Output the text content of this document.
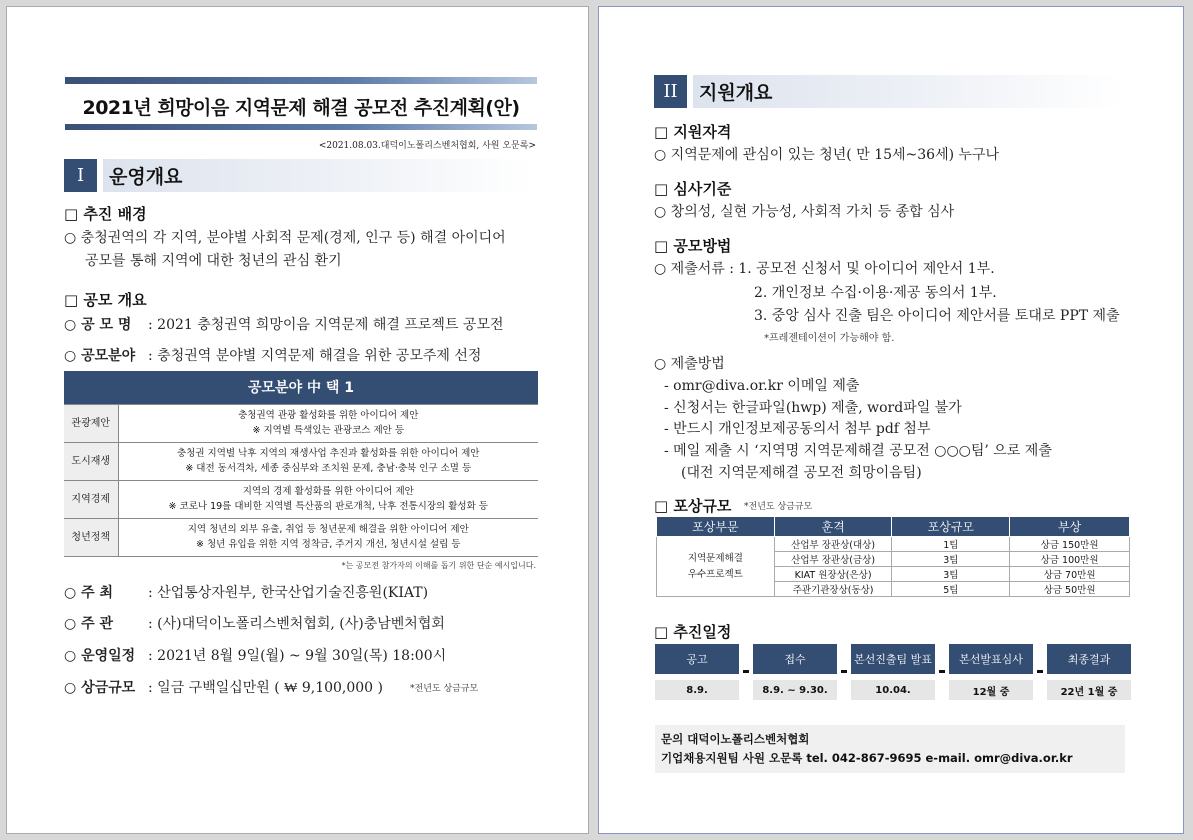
2021년 희망이음 지역문제 해결 공모전 추진계획(안)
<2021.08.03.대덕이노폴리스벤처협회, 사원 오문록>
I	운영개요
□ 추진 배경
○ 충청권역의 각 지역, 분야별 사회적 문제(경제, 인구 등) 해결 아이디어
공모를 통해 지역에 대한 청년의 관심 환기
□ 공모 개요
○ 공 모 명 : 2021 충청권역 희망이음 지역문제 해결 프로젝트 공모전
○ 공모분야 : 충청권역 분야별 지역문제 해결을 위한 공모주제 선정
공모분야 中 택 1	
관광제안	충청권역 관광 활성화를 위한 아이디어 제안
※ 지역별 특색있는 관광코스 제안 등

도시재생	충청권 지역별 낙후 지역의 재생사업 추진과 활성화를 위한 아이디어 제안
※ 대전 동서격차, 세종 중심부와 조치원 문제, 충남·충북 인구 소멸 등

지역경제	지역의 경제 활성화를 위한 아이디어 제안
※ 코로나 19를 대비한 지역별 특산품의 판로개척, 낙후 전통시장의 활성화 등

청년정책	지역 청년의 외부 유출, 취업 등 청년문제 해결을 위한 아이디어 제안
※ 청년 유입을 위한 지역 정착금, 주거지 개선, 청년시설 설립 등
*는 공모전 참가자의 이해를 돕기 위한 단순 예시입니다.
○ 주 최 : 산업통상자원부, 한국산업기술진흥원(KIAT)
○ 주 관 : (사)대덕이노폴리스벤처협회, (사)충남벤처협회
○ 운영일정 : 2021년 8월 9일(월) ~ 9월 30일(목) 18:00시
○ 상금규모 : 일금 구백일십만원 ( ₩ 9,100,000 )	*전년도 상금규모
II	지원개요
□ 지원자격
○ 지역문제에 관심이 있는 청년( 만 15세~36세) 누구나
□ 심사기준
○ 창의성, 실현 가능성, 사회적 가치 등 종합 심사
□ 공모방법
○ 제출서류 : 1. 공모전 신청서 및 아이디어 제안서 1부.
2. 개인정보 수집·이용·제공 동의서 1부.
3. 중앙 심사 진출 팀은 아이디어 제안서를 토대로 PPT 제출
*프레젠테이션이 가능해야 함.
○ 제출방법
- omr@diva.or.kr 이메일 제출
- 신청서는 한글파일(hwp) 제출, word파일 불가
- 반드시 개인정보제공동의서 첨부 pdf 첨부
- 메일 제출 시 ‘지역명 지역문제해결 공모전 ○○○팀’ 으로 제출
(대전 지역문제해결 공모전 희망이음팀)
□ 포상규모 *전년도 상금규모
포상부문	훈격	포상규모	부상

지역문제해결
우수프로젝트	산업부 장관상(대상)	1팀	상금 150만원
	산업부 장관상(금상)	3팀	상금 100만원
	KIAT 원장상(은상)	3팀	상금 70만원
	주관기관장상(동상)	5팀	상금 50만원
□ 추진일정
공고
8.9.
접수
8.9. ~ 9.30.
본선진출팀 발표
10.04.
본선발표심사
12월 중
최종결과
22년 1월 중
문의 대덕이노폴리스벤처협회
기업채용지원팀 사원 오문록 tel. 042-867-9695 e-mail. omr@diva.or.kr
